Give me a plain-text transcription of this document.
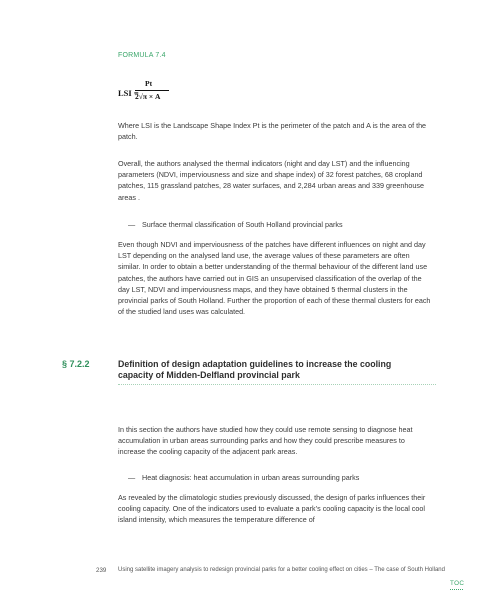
FORMULA 7.4
LSI =
Pt
2√π × A

Where LSI is the Landscape Shape Index Pt is the perimeter of the patch and A is the area of the patch.

Overall, the authors analysed the thermal indicators (night and day LST) and the influencing parameters (NDVI, imperviousness and size and shape index) of 32 forest patches, 68 cropland patches, 115 grassland patches, 28 water surfaces, and 2,284 urban areas and 339 greenhouse areas .

— Surface thermal classification of South Holland provincial parks

Even though NDVI and imperviousness of the patches have different influences on night and day LST depending on the analysed land use, the average values of these parameters are often similar. In order to obtain a better understanding of the thermal behaviour of the different land use patches, the authors have carried out in GIS an unsupervised classification of the overlap of the day LST, NDVI and imperviousness maps, and they have obtained 5 thermal clusters in the provincial parks of South Holland. Further the proportion of each of these thermal clusters for each of the studied land uses was calculated.

§ 7.2.2	Definition of design adaptation guidelines to increase the cooling capacity of Midden-Delfland provincial park

In this section the authors have studied how they could use remote sensing to diagnose heat accumulation in urban areas surrounding parks and how they could prescribe measures to increase the cooling capacity of the adjacent park areas.

— Heat diagnosis: heat accumulation in urban areas surrounding parks

As revealed by the climatologic studies previously discussed, the design of parks influences their cooling capacity. One of the indicators used to evaluate a park’s cooling capacity is the local cool island intensity, which measures the temperature difference of

239 Using satellite imagery analysis to redesign provincial parks for a better cooling effect on cities – The case of South Holland
TOC
